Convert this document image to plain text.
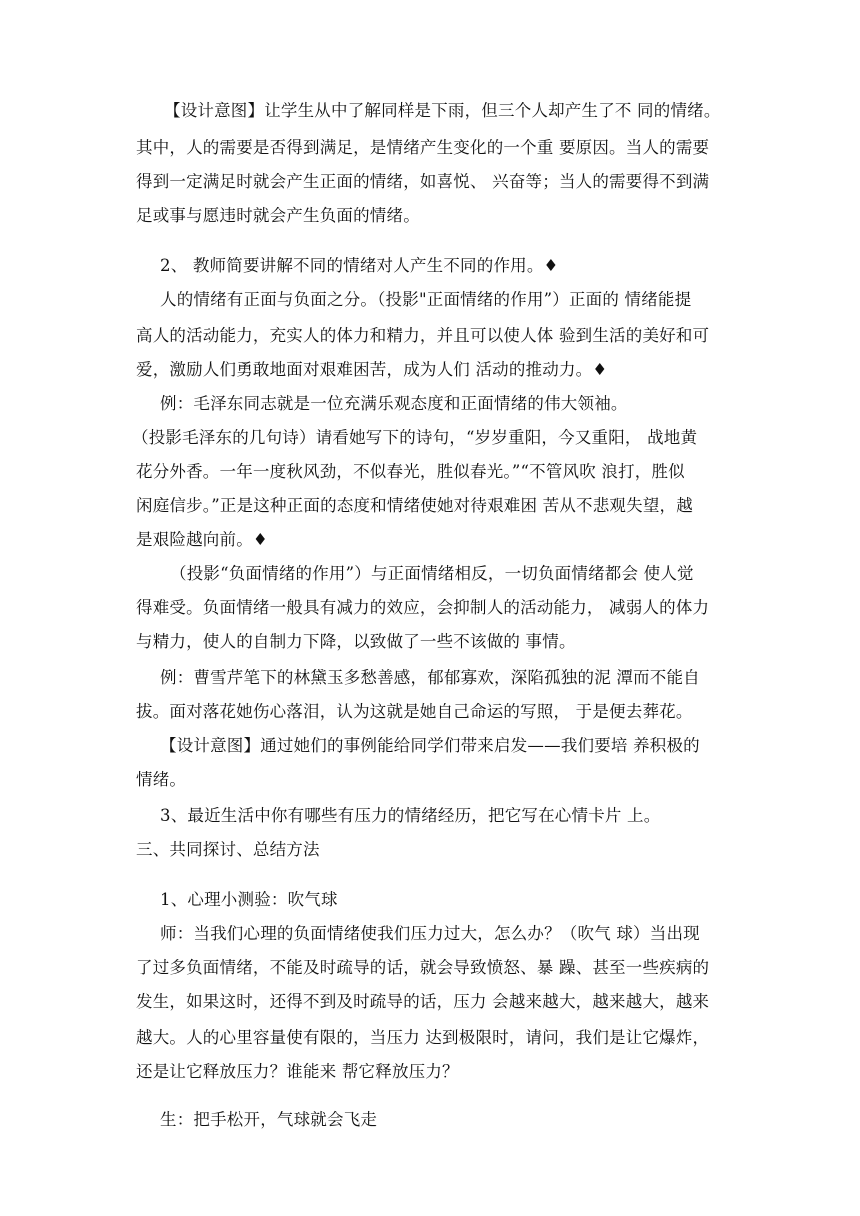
【设计意图】让学生从中了解同样是下雨，但三个人却产生了不 同的情绪。
其中，人的需要是否得到满足，是情绪产生变化的一个重 要原因。当人的需要
得到一定满足时就会产生正面的情绪，如喜悦、 兴奋等；当人的需要得不到满
足或事与愿违时就会产生负面的情绪。
2、 教师简要讲解不同的情绪对人产生不同的作用。♦
人的情绪有正面与负面之分。（投影"正面情绪的作用”）正面的 情绪能提
高人的活动能力，充实人的体力和精力，并且可以使人体 验到生活的美好和可
爱，激励人们勇敢地面对艰难困苦，成为人们 活动的推动力。♦
例：毛泽东同志就是一位充满乐观态度和正面情绪的伟大领袖。
（投影毛泽东的几句诗）请看她写下的诗句，“岁岁重阳，今又重阳， 战地黄
花分外香。一年一度秋风劲，不似春光，胜似春光。”“不管风吹 浪打，胜似
闲庭信步。”正是这种正面的态度和情绪使她对待艰难困 苦从不悲观失望，越
是艰险越向前。♦
（投影“负面情绪的作用”）与正面情绪相反，一切负面情绪都会 使人觉
得难受。负面情绪一般具有减力的效应，会抑制人的活动能力， 减弱人的体力
与精力，使人的自制力下降，以致做了一些不该做的 事情。
例：曹雪芹笔下的林黛玉多愁善感，郁郁寡欢，深陷孤独的泥 潭而不能自
拔。面对落花她伤心落泪，认为这就是她自己命运的写照， 于是便去葬花。
【设计意图】通过她们的事例能给同学们带来启发——我们要培 养积极的
情绪。
3、最近生活中你有哪些有压力的情绪经历，把它写在心情卡片 上。
三、共同探讨、总结方法
1、心理小测验：吹气球
师：当我们心理的负面情绪使我们压力过大，怎么办？（吹气 球）当出现
了过多负面情绪，不能及时疏导的话，就会导致愤怒、暴 躁、甚至一些疾病的
发生，如果这时，还得不到及时疏导的话，压力 会越来越大，越来越大，越来
越大。人的心里容量使有限的，当压力 达到极限时，请问，我们是让它爆炸，
还是让它释放压力？谁能来 帮它释放压力？
生：把手松开，气球就会飞走
